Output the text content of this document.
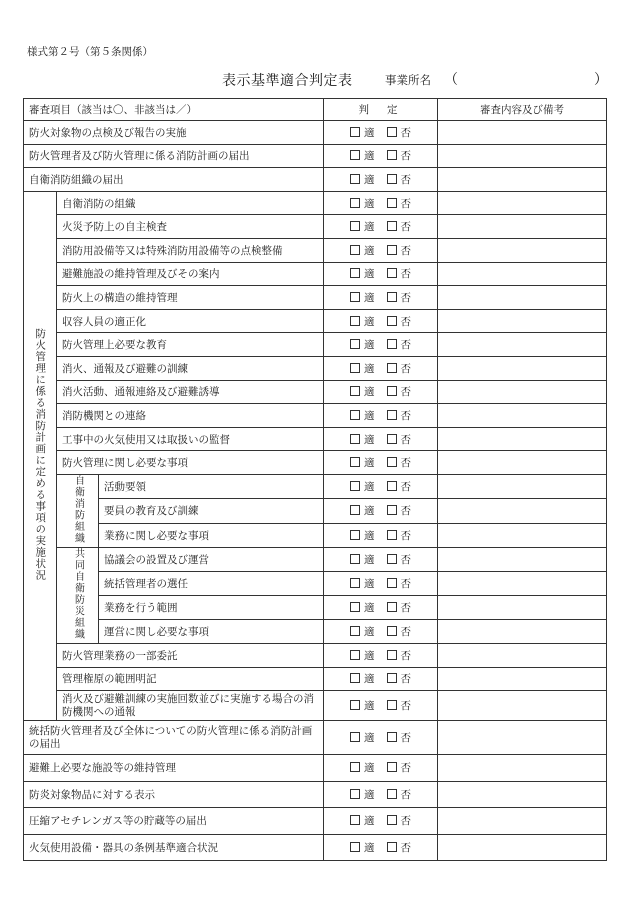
様式第２号（第５条関係）
表示基準適合判定表	事業所名 （	）
審査項目（該当は〇、非該当は／）			判定	審査内容及び備考
防火対象物の点検及び報告の実施			適 否	
防火管理者及び防火管理に係る消防計画の届出			適 否	
自衛消防組織の届出			適 否	
防火管理に係る消防計画に定める事項の実施状況	自衛消防の組織		適 否	
	火災予防上の自主検査		適 否	
	消防用設備等又は特殊消防用設備等の点検整備		適 否	
	避難施設の維持管理及びその案内		適 否	
	防火上の構造の維持管理		適 否	
	収容人員の適正化		適 否	
	防火管理上必要な教育		適 否	
	消火、通報及び避難の訓練		適 否	
	消火活動、通報連絡及び避難誘導		適 否	
	消防機関との連絡		適 否	
	工事中の火気使用又は取扱いの監督		適 否	
	防火管理に関し必要な事項		適 否	
	自衛消防組織	活動要領	適 否	
		要員の教育及び訓練	適 否	
		業務に関し必要な事項	適 否	
	共同自衛防災組織	協議会の設置及び運営	適 否	
		統括管理者の選任	適 否	
		業務を行う範囲	適 否	
		運営に関し必要な事項	適 否	
	防火管理業務の一部委託		適 否	
	管理権原の範囲明記		適 否	
	消火及び避難訓練の実施回数並びに実施する場合の消防機関への通報		適 否	
統括防火管理者及び全体についての防火管理に係る消防計画の届出			適 否	
避難上必要な施設等の維持管理			適 否	
防炎対象物品に対する表示			適 否	
圧縮アセチレンガス等の貯蔵等の届出			適 否	
火気使用設備・器具の条例基準適合状況			適 否	
